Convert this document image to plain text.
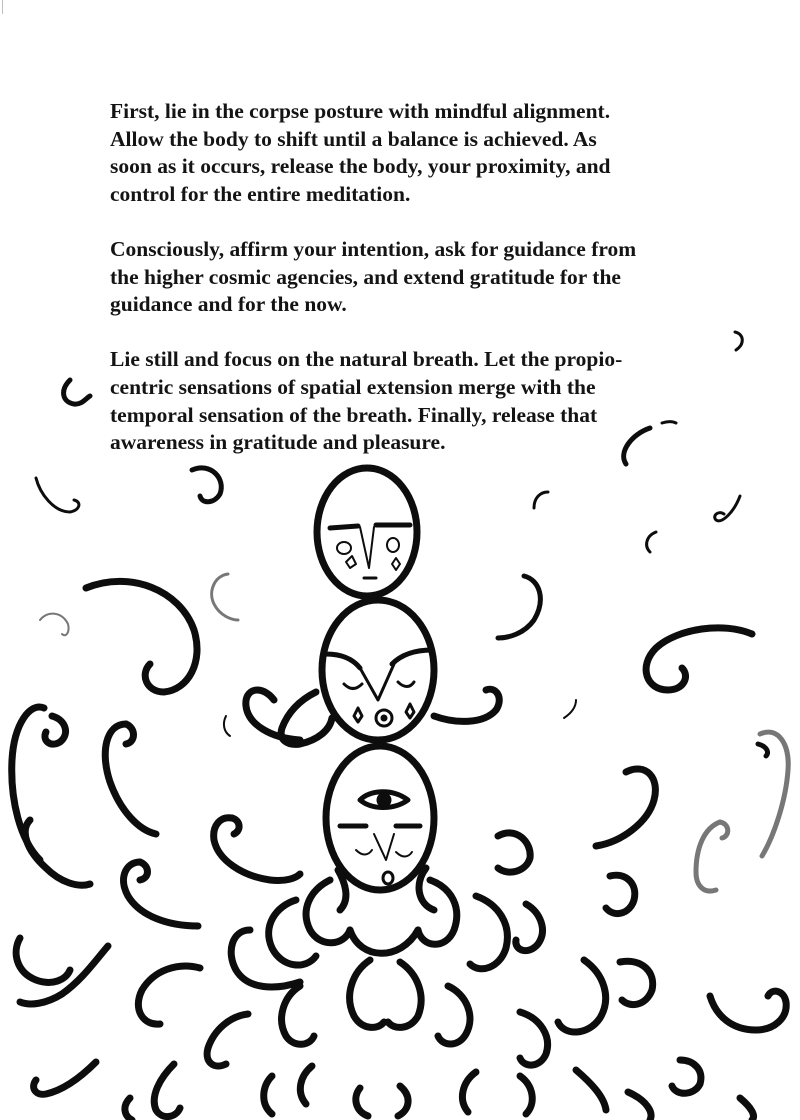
First, lie in the corpse posture with mindful alignment.
Allow the body to shift until a balance is achieved. As
soon as it occurs, release the body, your proximity, and
control for the entire meditation.

Consciously, affirm your intention, ask for guidance from
the higher cosmic agencies, and extend gratitude for the
guidance and for the now.

Lie still and focus on the natural breath. Let the propio-
centric sensations of spatial extension merge with the
temporal sensation of the breath. Finally, release that
awareness in gratitude and pleasure.
